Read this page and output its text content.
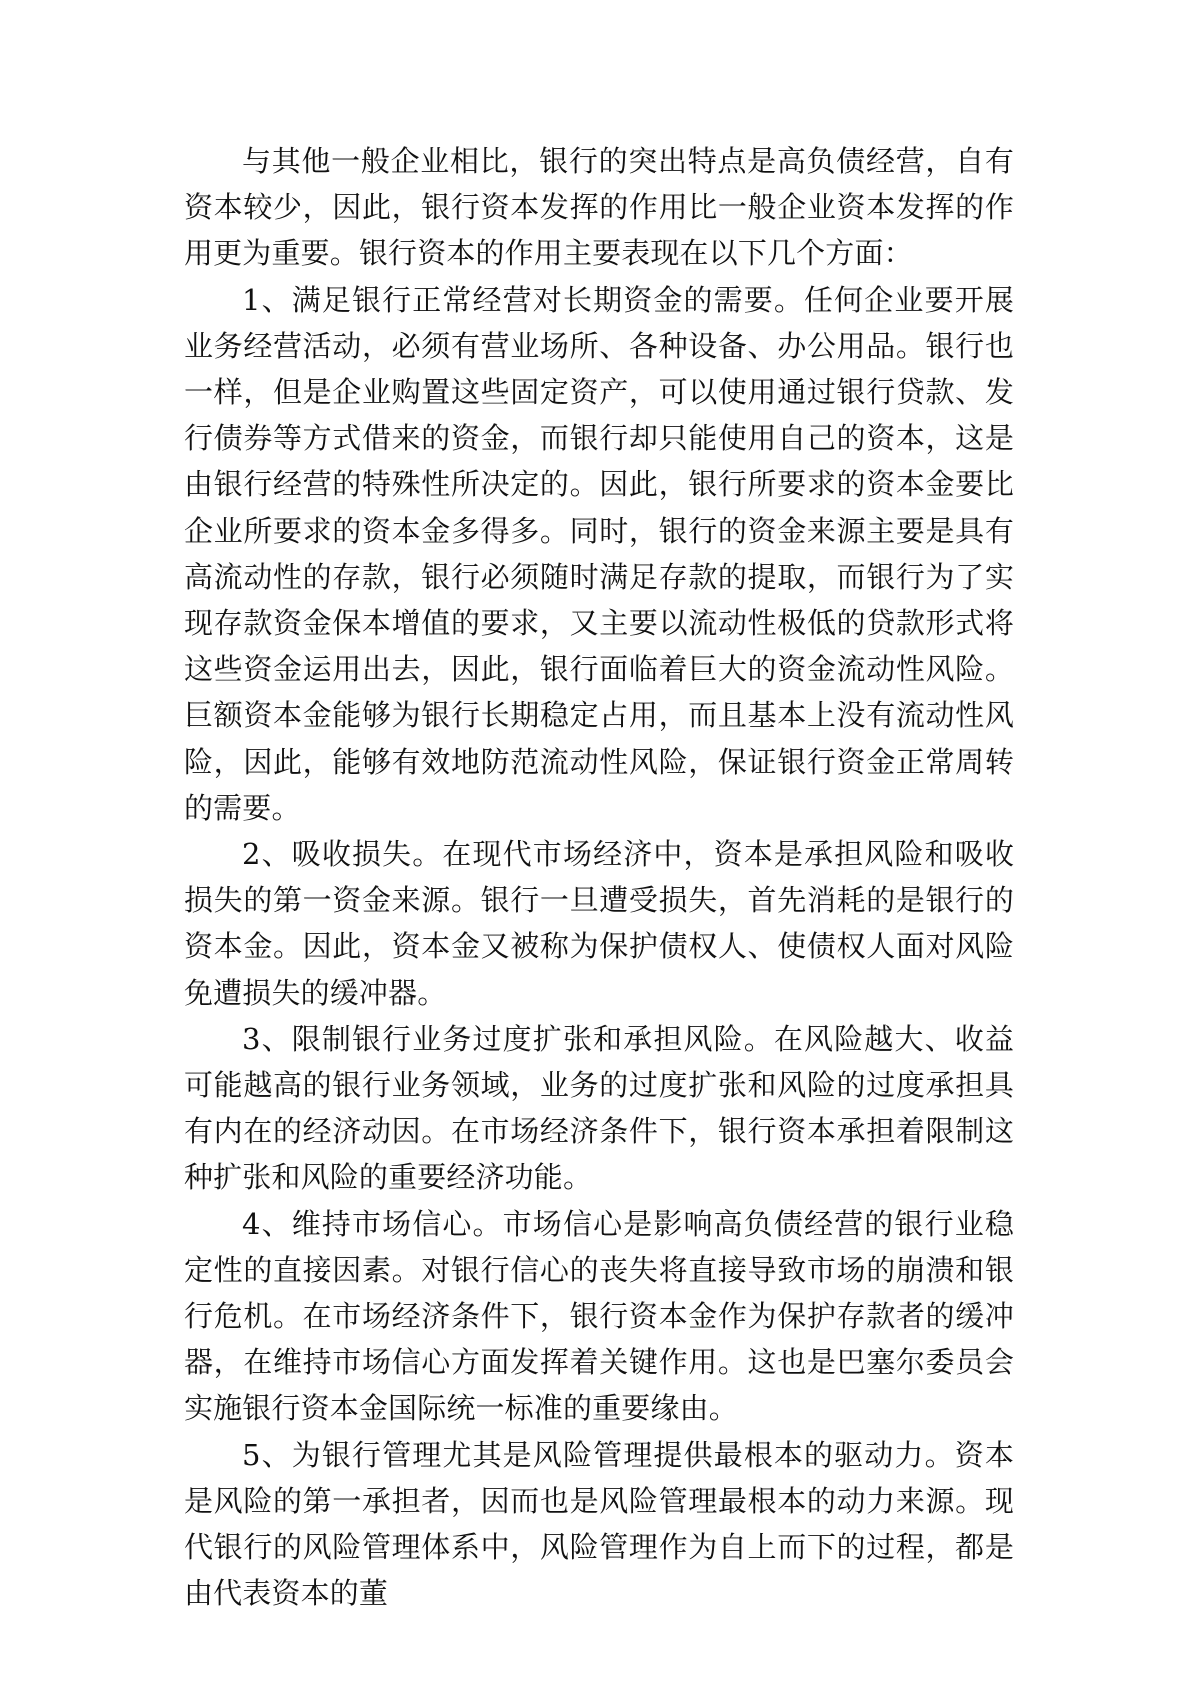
与其他一般企业相比，银行的突出特点是高负债经营，自有资本较少，因此，银行资本发挥的作用比一般企业资本发挥的作用更为重要。银行资本的作用主要表现在以下几个方面：

1、满足银行正常经营对长期资金的需要。任何企业要开展业务经营活动，必须有营业场所、各种设备、办公用品。银行也一样，但是企业购置这些固定资产，可以使用通过银行贷款、发行债券等方式借来的资金，而银行却只能使用自己的资本，这是由银行经营的特殊性所决定的。因此，银行所要求的资本金要比企业所要求的资本金多得多。同时，银行的资金来源主要是具有高流动性的存款，银行必须随时满足存款的提取，而银行为了实现存款资金保本增值的要求，又主要以流动性极低的贷款形式将这些资金运用出去，因此，银行面临着巨大的资金流动性风险。巨额资本金能够为银行长期稳定占用，而且基本上没有流动性风险，因此，能够有效地防范流动性风险，保证银行资金正常周转的需要。

2、吸收损失。在现代市场经济中，资本是承担风险和吸收损失的第一资金来源。银行一旦遭受损失，首先消耗的是银行的资本金。因此，资本金又被称为保护债权人、使债权人面对风险免遭损失的缓冲器。

3、限制银行业务过度扩张和承担风险。在风险越大、收益可能越高的银行业务领域，业务的过度扩张和风险的过度承担具有内在的经济动因。在市场经济条件下，银行资本承担着限制这种扩张和风险的重要经济功能。

4、维持市场信心。市场信心是影响高负债经营的银行业稳定性的直接因素。对银行信心的丧失将直接导致市场的崩溃和银行危机。在市场经济条件下，银行资本金作为保护存款者的缓冲器，在维持市场信心方面发挥着关键作用。这也是巴塞尔委员会实施银行资本金国际统一标准的重要缘由。

5、为银行管理尤其是风险管理提供最根本的驱动力。资本是风险的第一承担者，因而也是风险管理最根本的动力来源。现代银行的风险管理体系中，风险管理作为自上而下的过程，都是由代表资本的董
